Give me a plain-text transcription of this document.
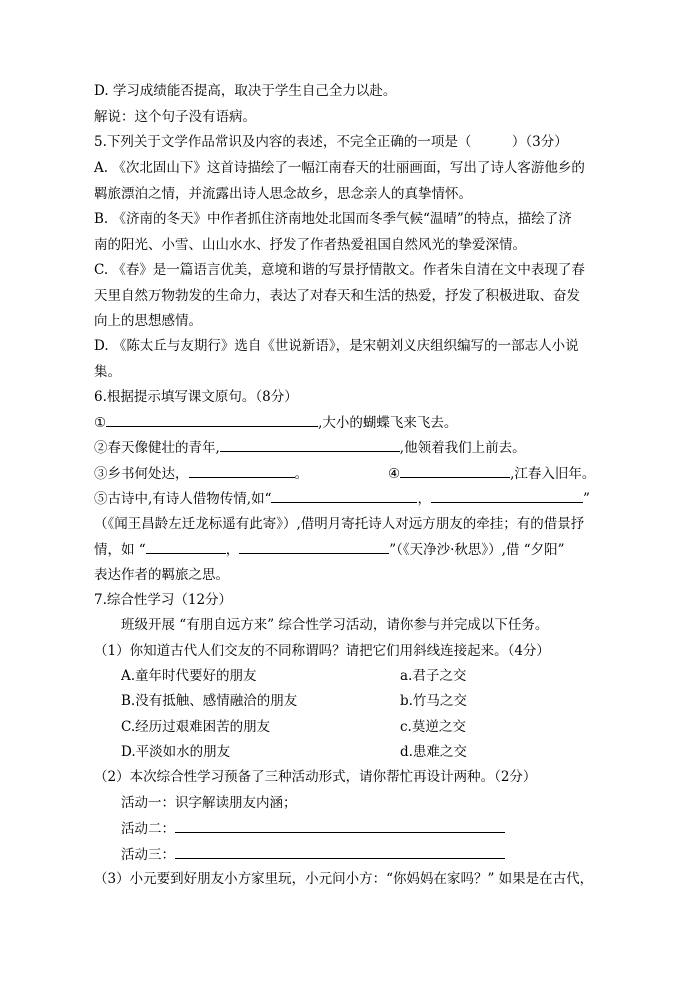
D. 学习成绩能否提高，取决于学生自己全力以赴。
解说：这个句子没有语病。
5.下列关于文学作品常识及内容的表述，不完全正确的一项是（　　　）（3分）
A. 《次北固山下》这首诗描绘了一幅江南春天的壮丽画面，写出了诗人客游他乡的
羁旅漂泊之情，并流露出诗人思念故乡，思念亲人的真挚情怀。
B. 《济南的冬天》中作者抓住济南地处北国而冬季气候“温晴”的特点，描绘了济
南的阳光、小雪、山山水水、抒发了作者热爱祖国自然风光的挚爱深情。
C. 《春》是一篇语言优美，意境和谐的写景抒情散文。作者朱自清在文中表现了春
天里自然万物勃发的生命力，表达了对春天和生活的热爱，抒发了积极进取、奋发
向上的思想感情。
D. 《陈太丘与友期行》选自《世说新语》，是宋朝刘义庆组织编写的一部志人小说
集。
6.根据提示填写课文原句。（8分）
①	,大小的蝴蝶飞来飞去。
②春天像健壮的青年,	,他领着我们上前去。
③乡书何处达，	。	④	,江春入旧年。
⑤古诗中,有诗人借物传情,如“	，	”
（《闻王昌龄左迁龙标遥有此寄》）,借明月寄托诗人对远方朋友的牵挂；有的借景抒
情，如 “	，	”（《天净沙·秋思》）,借 “夕阳”
表达作者的羁旅之思。
7.综合性学习（12分）
班级开展 “有朋自远方来” 综合性学习活动，请你参与并完成以下任务。
（1）你知道古代人们交友的不同称谓吗？请把它们用斜线连接起来。（4分）
A.童年时代要好的朋友	a.君子之交
B.没有抵触、感情融洽的朋友	b.竹马之交
C.经历过艰难困苦的朋友	c.莫逆之交
D.平淡如水的朋友	d.患难之交
（2）本次综合性学习预备了三种活动形式，请你帮忙再设计两种。（2分）
活动一：识字解读朋友内涵；
活动二：
活动三：
（3）小元要到好朋友小方家里玩，小元问小方：“你妈妈在家吗？” 如果是在古代，
